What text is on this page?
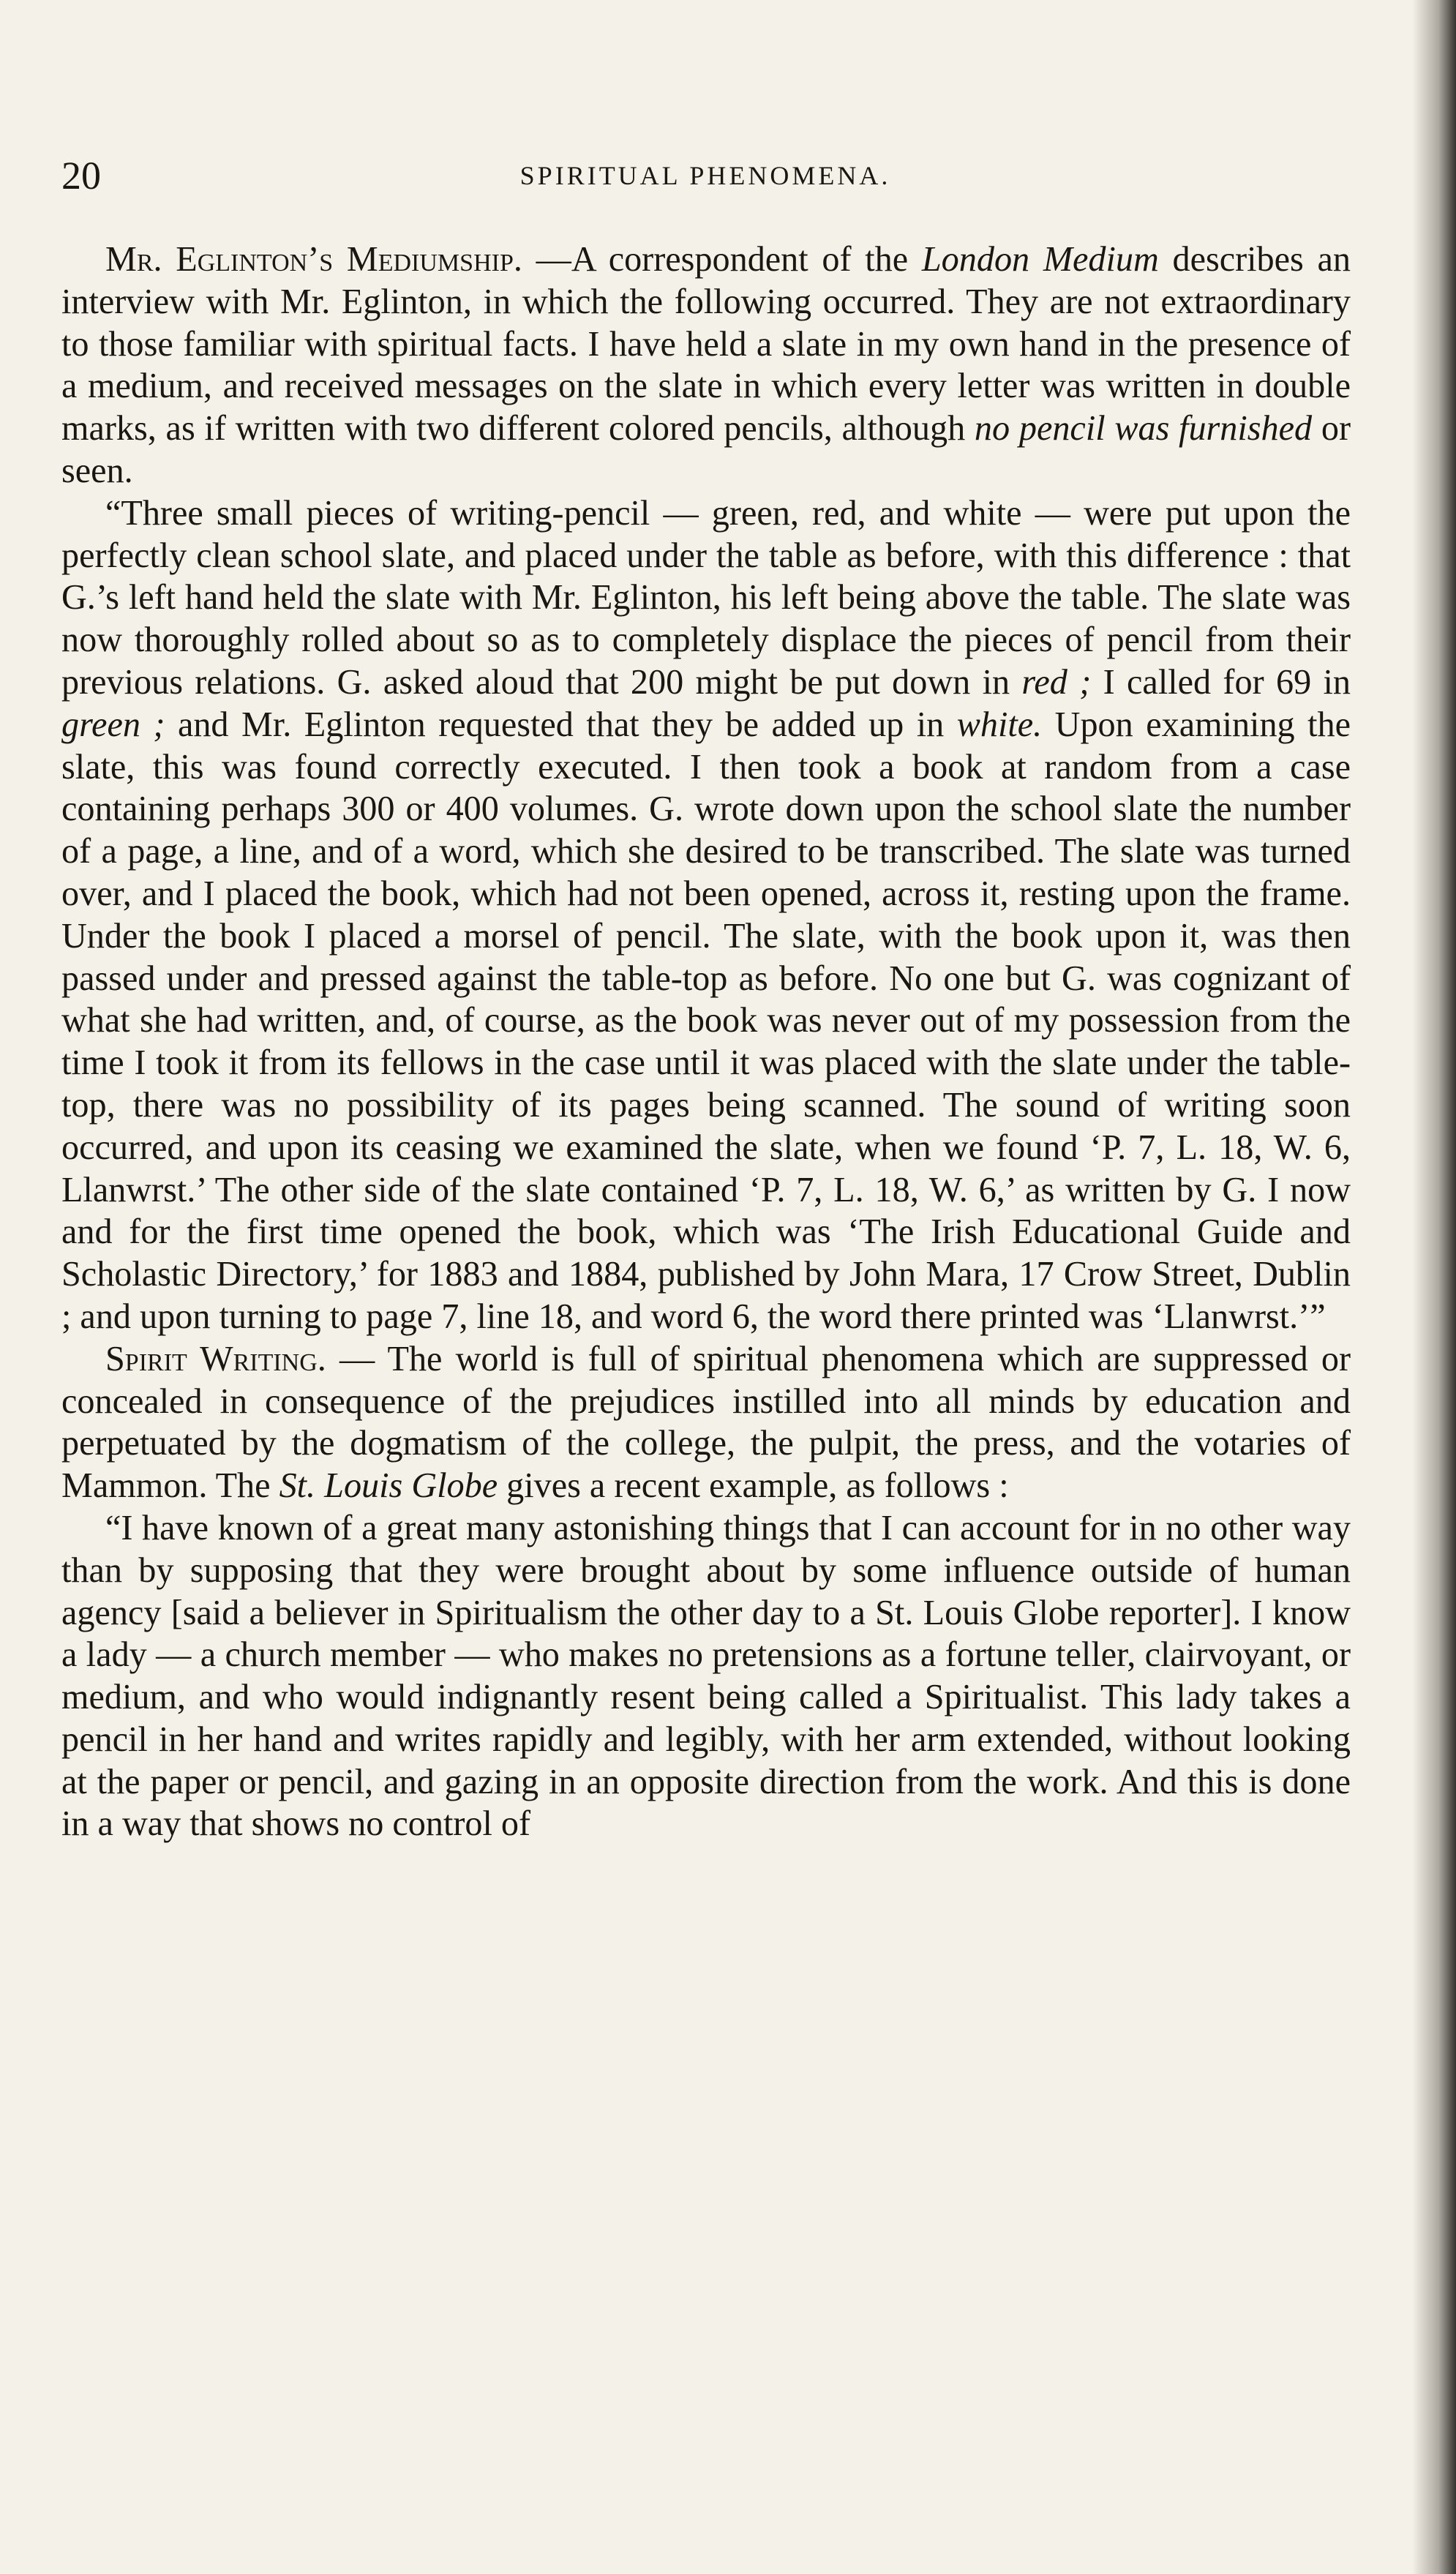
20	SPIRITUAL PHENOMENA.

Mr. Eglinton’s Mediumship. —A correspondent of the London Medium describes an interview with Mr. Eglinton, in which the following occurred. They are not extraordinary to those familiar with spiritual facts. I have held a slate in my own hand in the presence of a medium, and received messages on the slate in which every letter was written in double marks, as if written with two different colored pencils, although no pencil was furnished or seen.

“Three small pieces of writing-pencil — green, red, and white — were put upon the perfectly clean school slate, and placed under the table as before, with this difference : that G.’s left hand held the slate with Mr. Eglinton, his left being above the table. The slate was now thoroughly rolled about so as to completely displace the pieces of pencil from their previous relations. G. asked aloud that 200 might be put down in red ; I called for 69 in green ; and Mr. Eglinton requested that they be added up in white. Upon examining the slate, this was found correctly executed. I then took a book at random from a case containing perhaps 300 or 400 volumes. G. wrote down upon the school slate the number of a page, a line, and of a word, which she desired to be transcribed. The slate was turned over, and I placed the book, which had not been opened, across it, resting upon the frame. Under the book I placed a morsel of pencil. The slate, with the book upon it, was then passed under and pressed against the table-top as before. No one but G. was cognizant of what she had written, and, of course, as the book was never out of my possession from the time I took it from its fellows in the case until it was placed with the slate under the table-top, there was no possibility of its pages being scanned. The sound of writing soon occurred, and upon its ceasing we examined the slate, when we found ‘P. 7, L. 18, W. 6, Llanwrst.’ The other side of the slate contained ‘P. 7, L. 18, W. 6,’ as written by G. I now and for the first time opened the book, which was ‘The Irish Educational Guide and Scholastic Directory,’ for 1883 and 1884, published by John Mara, 17 Crow Street, Dublin ; and upon turning to page 7, line 18, and word 6, the word there printed was ‘Llanwrst.’”

Spirit Writing. — The world is full of spiritual phenomena which are suppressed or concealed in consequence of the prejudices instilled into all minds by education and perpetuated by the dogmatism of the college, the pulpit, the press, and the votaries of Mammon. The St. Louis Globe gives a recent example, as follows :

“I have known of a great many astonishing things that I can account for in no other way than by supposing that they were brought about by some influence outside of human agency [said a believer in Spiritualism the other day to a St. Louis Globe reporter]. I know a lady — a church member — who makes no pretensions as a fortune teller, clairvoyant, or medium, and who would indignantly resent being called a Spiritualist. This lady takes a pencil in her hand and writes rapidly and legibly, with her arm extended, without looking at the paper or pencil, and gazing in an opposite direction from the work. And this is done in a way that shows no control of
